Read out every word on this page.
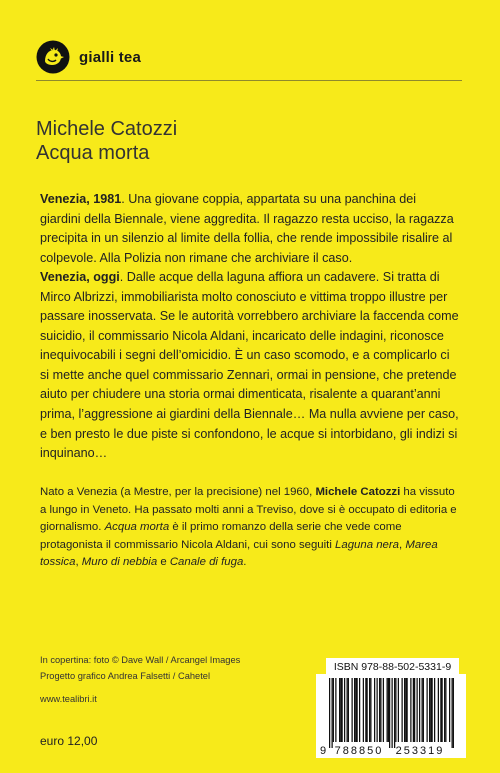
gialli tea
Michele Catozzi
Acqua morta

Venezia, 1981. Una giovane coppia, appartata su una panchina dei giardini della Biennale, viene aggredita. Il ragazzo resta ucciso, la ragazza precipita in un silenzio al limite della follia, che rende impossibile risalire al colpevole. Alla Polizia non rimane che archiviare il caso.

Venezia, oggi. Dalle acque della laguna affiora un cadavere. Si tratta di Mirco Albrizzi, immobiliarista molto conosciuto e vittima troppo illustre per passare inosservata. Se le autorità vorrebbero archiviare la faccenda come suicidio, il commissario Nicola Aldani, incaricato delle indagini, riconosce inequivocabili i segni dell’omicidio. È un caso scomodo, e a complicarlo ci si mette anche quel commissario Zennari, ormai in pensione, che pretende aiuto per chiudere una storia ormai dimenticata, risalente a quarant’anni prima, l’aggressione ai giardini della Biennale… Ma nulla avviene per caso, e ben presto le due piste si confondono, le acque si intorbidano, gli indizi si inquinano…

Nato a Venezia (a Mestre, per la precisione) nel 1960, Michele Catozzi ha vissuto a lungo in Veneto. Ha passato molti anni a Treviso, dove si è occupato di editoria e giornalismo. Acqua morta è il primo romanzo della serie che vede come protagonista il commissario Nicola Aldani, cui sono seguiti Laguna nera, Marea tossica, Muro di nebbia e Canale di fuga.
In copertina: foto © Dave Wall / Arcangel Images
Progetto grafico Andrea Falsetti / Cahetel
www.tealibri.it
euro 12,00
ISBN 978-88-502-5331-9
9 788850 253319
